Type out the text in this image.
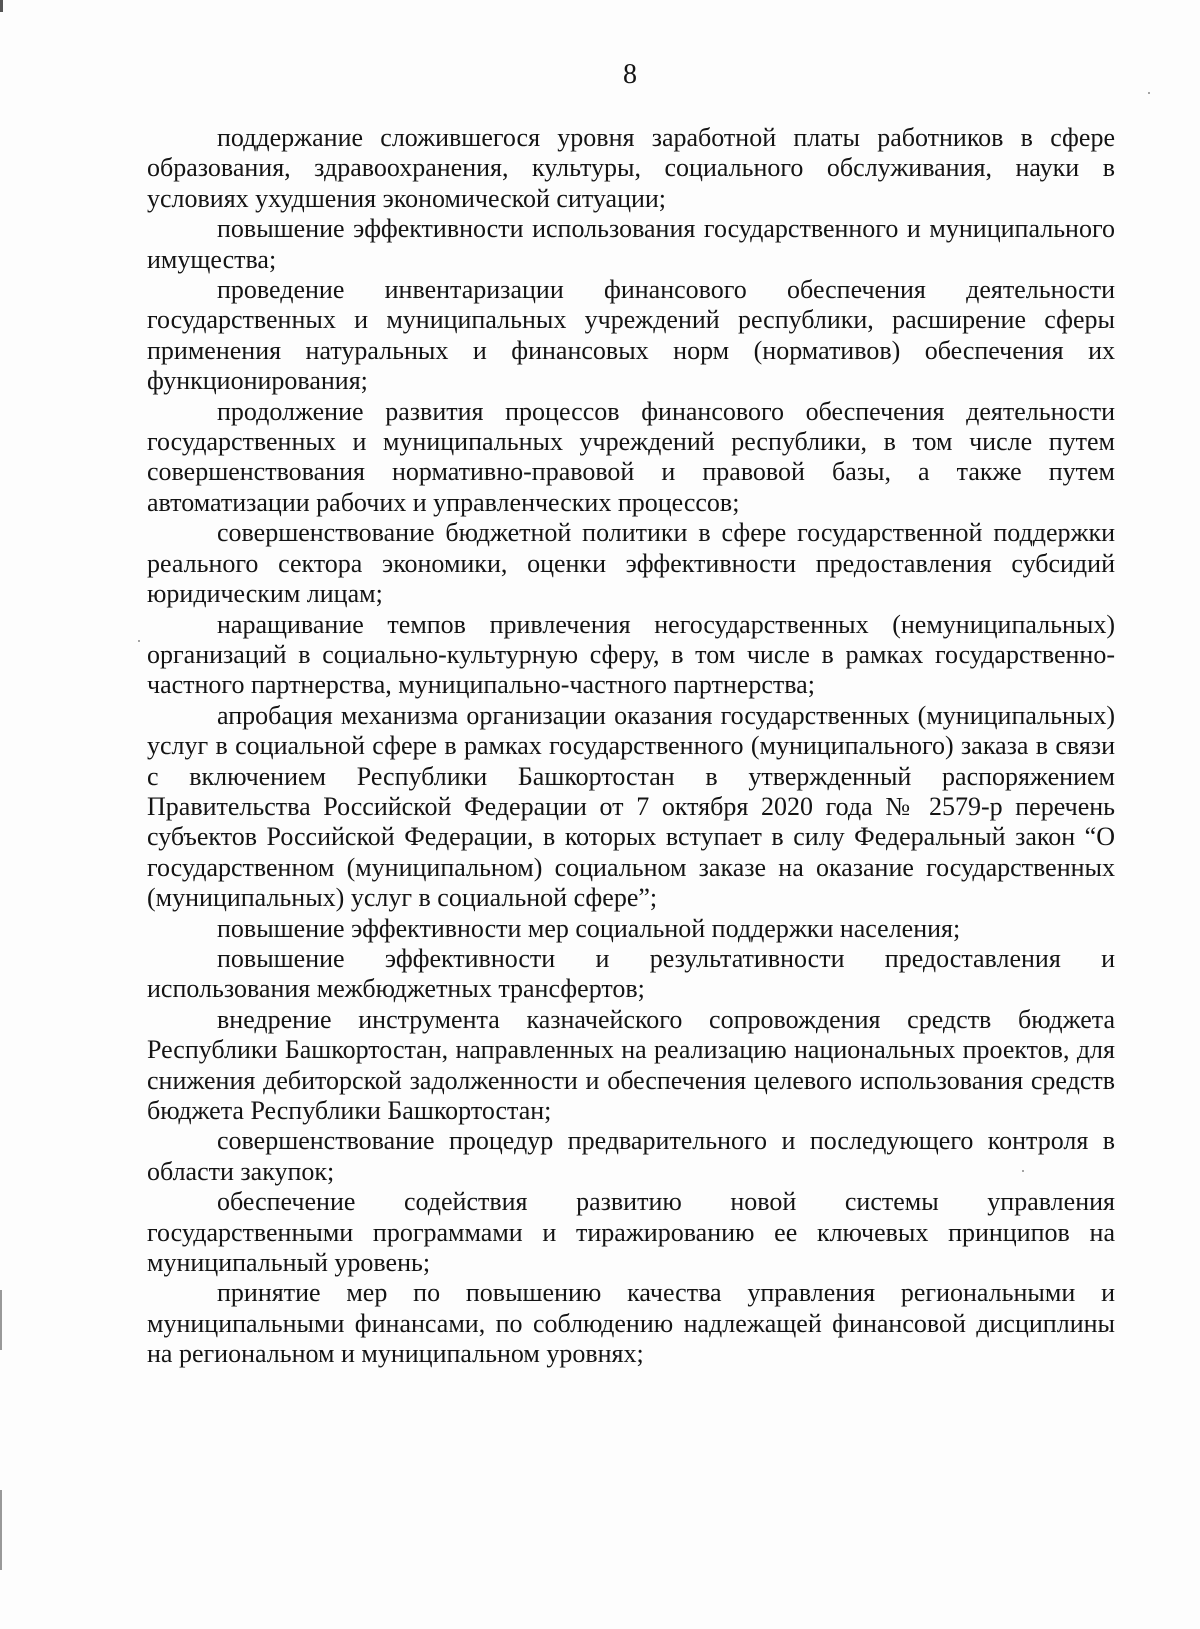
8

поддержание сложившегося уровня заработной платы работников в сфере образования, здравоохранения, культуры, социального обслуживания, науки в условиях ухудшения экономической ситуации;

повышение эффективности использования государственного и муниципального имущества;

проведение инвентаризации финансового обеспечения деятельности государственных и муниципальных учреждений республики, расширение сферы применения натуральных и финансовых норм (нормативов) обеспечения их функционирования;

продолжение развития процессов финансового обеспечения деятельности государственных и муниципальных учреждений республики, в том числе путем совершенствования нормативно-правовой и правовой базы, а также путем автоматизации рабочих и управленческих процессов;

совершенствование бюджетной политики в сфере государственной поддержки реального сектора экономики, оценки эффективности предоставления субсидий юридическим лицам;

наращивание темпов привлечения негосударственных (немуниципальных) организаций в социально-культурную сферу, в том числе в рамках государственно-частного партнерства, муниципально-частного партнерства;

апробация механизма организации оказания государственных (муниципальных) услуг в социальной сфере в рамках государственного (муниципального) заказа в связи с включением Республики Башкортостан в утвержденный распоряжением Правительства Российской Федерации от 7 октября 2020 года № 2579-р перечень субъектов Российской Федерации, в которых вступает в силу Федеральный закон “О государственном (муниципальном) социальном заказе на оказание государственных (муниципальных) услуг в социальной сфере”;

повышение эффективности мер социальной поддержки населения;

повышение эффективности и результативности предоставления и использования межбюджетных трансфертов;

внедрение инструмента казначейского сопровождения средств бюджета Республики Башкортостан, направленных на реализацию национальных проектов, для снижения дебиторской задолженности и обеспечения целевого использования средств бюджета Республики Башкортостан;

совершенствование процедур предварительного и последующего контроля в области закупок;

обеспечение содействия развитию новой системы управления государственными программами и тиражированию ее ключевых принципов на муниципальный уровень;

принятие мер по повышению качества управления региональными и муниципальными финансами, по соблюдению надлежащей финансовой дисциплины на региональном и муниципальном уровнях;
